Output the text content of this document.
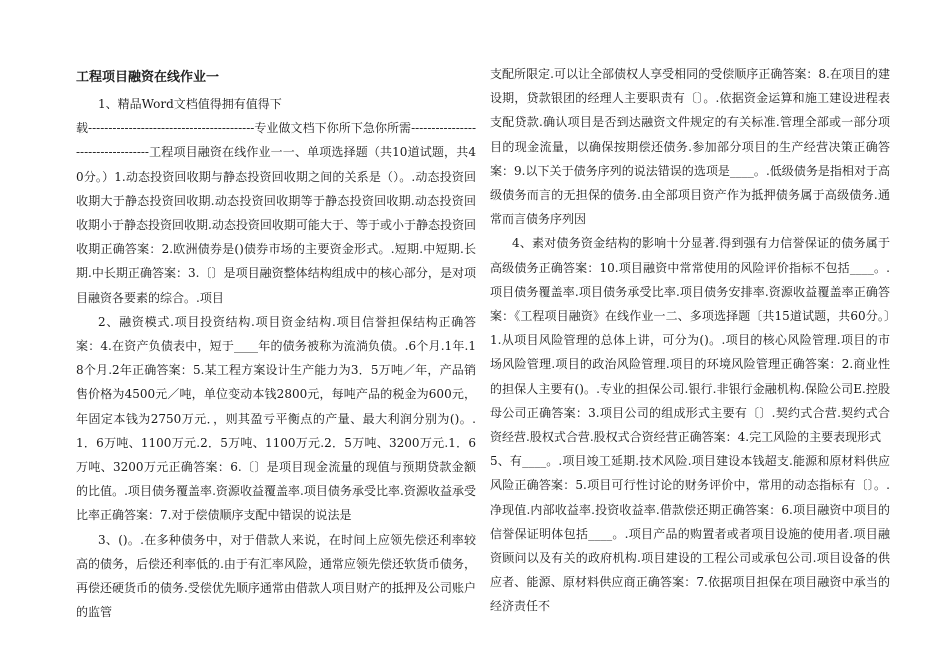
工程项目融资在线作业一

1、精品Word文档值得拥有值得下

载-----------------------------------------专业做文档下你所下急你所需----------------------------------工程项目融资在线作业一一、单项选择题（共10道试题，共40分。）1.动态投资回收期与静态投资回收期之间的关系是（）。.动态投资回收期大于静态投资回收期.动态投资回收期等于静态投资回收期.动态投资回收期小于静态投资回收期.动态投资回收期可能大于、等于或小于静态投资回收期正确答案：2.欧洲债券是()债券市场的主要资金形式。.短期.中短期.长期.中长期正确答案：3.〔〕是项目融资整体结构组成中的核心部分，是对项目融资各要素的综合。.项目

2、融资模式.项目投资结构.项目资金结构.项目信誉担保结构正确答案：4.在资产负债表中，短于____年的债务被称为流淌负债。.6个月.1年.18个月.2年正确答案：5.某工程方案设计生产能力为3．5万吨／年，产品销售价格为4500元／吨，单位变动本钱2800元，每吨产品的税金为600元，年固定本钱为2750万元．，则其盈亏平衡点的产量、最大利润分别为()。.1．6万吨、1100万元.2．5万吨、1100万元.2．5万吨、3200万元.1．6万吨、3200万元正确答案：6.〔〕是项目现金流量的现值与预期贷款金额的比值。.项目债务覆盖率.资源收益覆盖率.项目债务承受比率.资源收益承受比率正确答案：7.对于偿债顺序支配中错误的说法是

3、()。.在多种债务中，对于借款人来说，在时间上应领先偿还利率较高的债务，后偿还利率低的.由于有汇率风险，通常应领先偿还软货币债务，再偿还硬货币的债务.受偿优先顺序通常由借款人项目财产的抵押及公司账户的监管

支配所限定.可以让全部债权人享受相同的受偿顺序正确答案：8.在项目的建设期，贷款银团的经理人主要职责有〔〕。.依据资金运算和施工建设进程表支配贷款.确认项目是否到达融资文件规定的有关标准.管理全部或一部分项目的现金流量，以确保按期偿还债务.参加部分项目的生产经营决策正确答案：9.以下关于债务序列的说法错误的选项是____。.低级债务是指相对于高级债务而言的无担保的债务.由全部项目资产作为抵押债务属于高级债务.通常而言债务序列因

4、素对债务资金结构的影响十分显著.得到强有力信誉保证的债务属于高级债务正确答案：10.项目融资中常常使用的风险评价指标不包括____。.项目债务覆盖率.项目债务承受比率.项目债务安排率.资源收益覆盖率正确答案：《工程项目融资》在线作业一二、多项选择题〔共15道试题，共60分。〕1.从项目风险管理的总体上讲，可分为()。.项目的核心风险管理.项目的市场风险管理.项目的政治风险管理.项目的环境风险管理正确答案：2.商业性的担保人主要有()。.专业的担保公司.银行.非银行金融机构.保险公司E.控股母公司正确答案：3.项目公司的组成形式主要有〔〕.契约式合营.契约式合资经营.股权式合营.股权式合资经营正确答案：4.完工风险的主要表现形式

5、有____。.项目竣工延期.技术风险.项目建设本钱超支.能源和原材料供应风险正确答案：5.项目可行性讨论的财务评价中，常用的动态指标有〔〕。.净现值.内部收益率.投资收益率.借款偿还期正确答案：6.项目融资中项目的信誉保证明体包括____。.项目产品的购置者或者项目设施的使用者.项目融资顾问以及有关的政府机构.项目建设的工程公司或承包公司.项目设备的供应者、能源、原材料供应商正确答案：7.依据项目担保在项目融资中承当的经济责任不
